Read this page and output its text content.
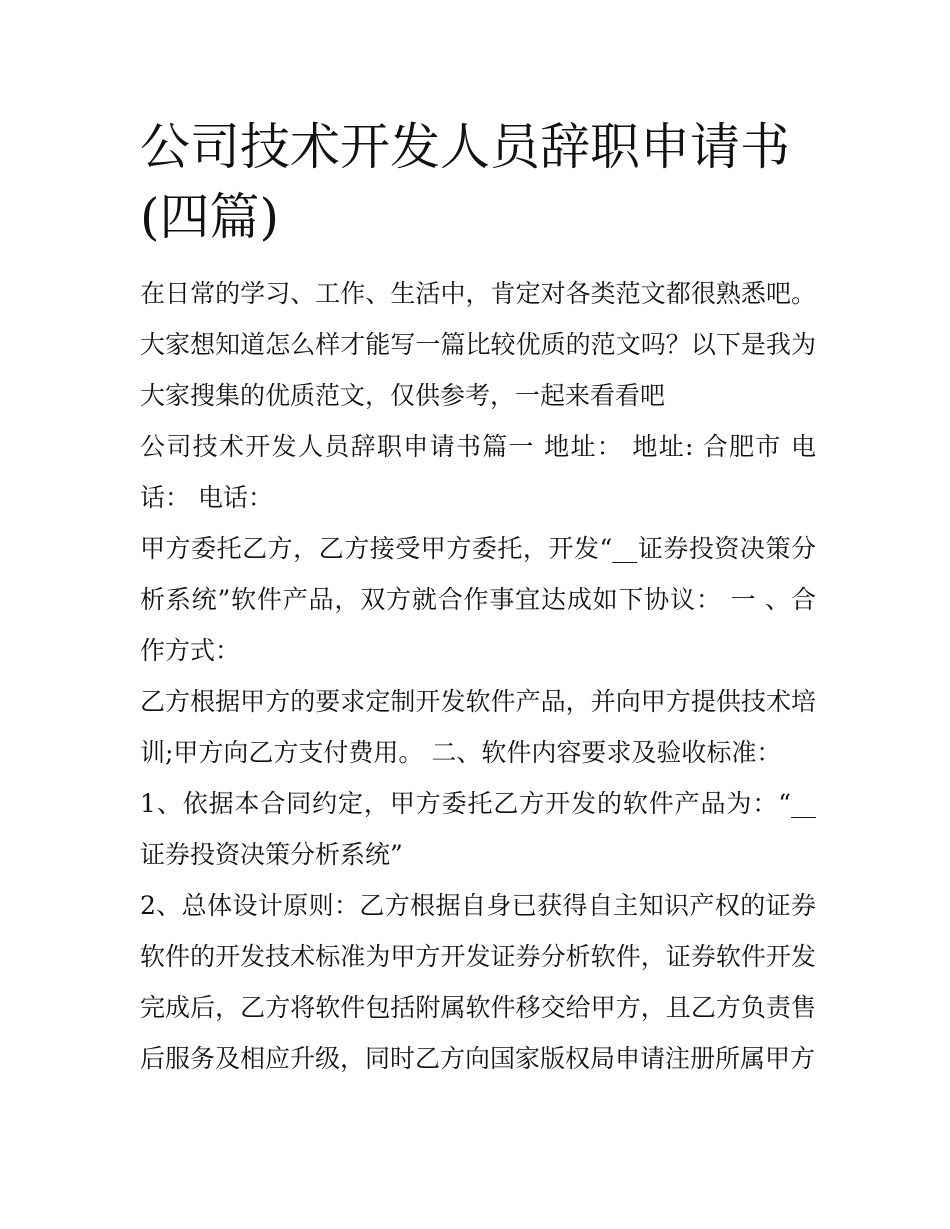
公司技术开发人员辞职申请书
(四篇)

在日常的学习、工作、生活中，肯定对各类范文都很熟悉吧。大家想知道怎么样才能写一篇比较优质的范文吗？以下是我为大家搜集的优质范文，仅供参考，一起来看看吧

公司技术开发人员辞职申请书篇一 地址： 地址: 合肥市 电话： 电话：

甲方委托乙方，乙方接受甲方委托，开发“__证券投资决策分析系统”软件产品，双方就合作事宜达成如下协议： 一 、合作方式：

乙方根据甲方的要求定制开发软件产品，并向甲方提供技术培训;甲方向乙方支付费用。 二、软件内容要求及验收标准：

1、依据本合同约定，甲方委托乙方开发的软件产品为：“__证券投资决策分析系统”

2、总体设计原则：乙方根据自身已获得自主知识产权的证券软件的开发技术标准为甲方开发证券分析软件，证券软件开发完成后，乙方将软件包括附属软件移交给甲方，且乙方负责售后服务及相应升级，同时乙方向国家版权局申请注册所属甲方
